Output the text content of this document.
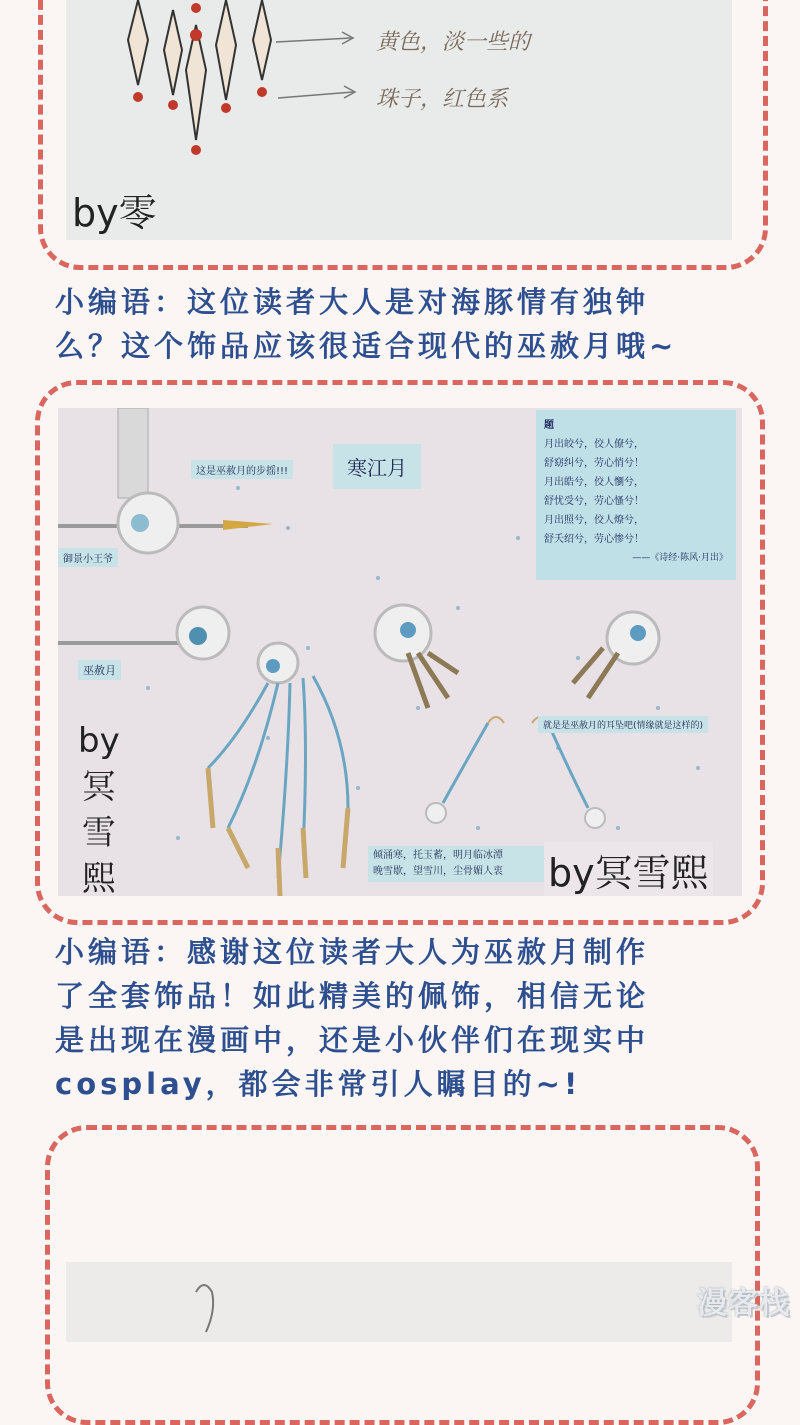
黄色，淡一些的
珠子，红色系
by零

小编语：这位读者大人是对海豚情有独钟
么？这个饰品应该很适合现代的巫赦月哦~

寒江月
这是巫赦月的步摇!!!
御景小王爷
巫赦月
就是是巫赦月的耳坠吧(情缘就是这样的)
倾涌寒，托玉蓄，明月临冰潭
晚雪歇，望雪川，尘骨媚人衷
题
月出皎兮，佼人僚兮，
舒窈纠兮，劳心悄兮！
月出皓兮，佼人懰兮，
舒忧受兮，劳心慅兮！
月出照兮，佼人燎兮，
舒夭绍兮，劳心惨兮！
——《诗经·陈风·月出》
by
冥
雪
熙	by冥雪熙

小编语：感谢这位读者大人为巫赦月制作
了全套饰品！如此精美的佩饰，相信无论
是出现在漫画中，还是小伙伴们在现实中
cosplay，都会非常引人瞩目的~!

漫客栈
